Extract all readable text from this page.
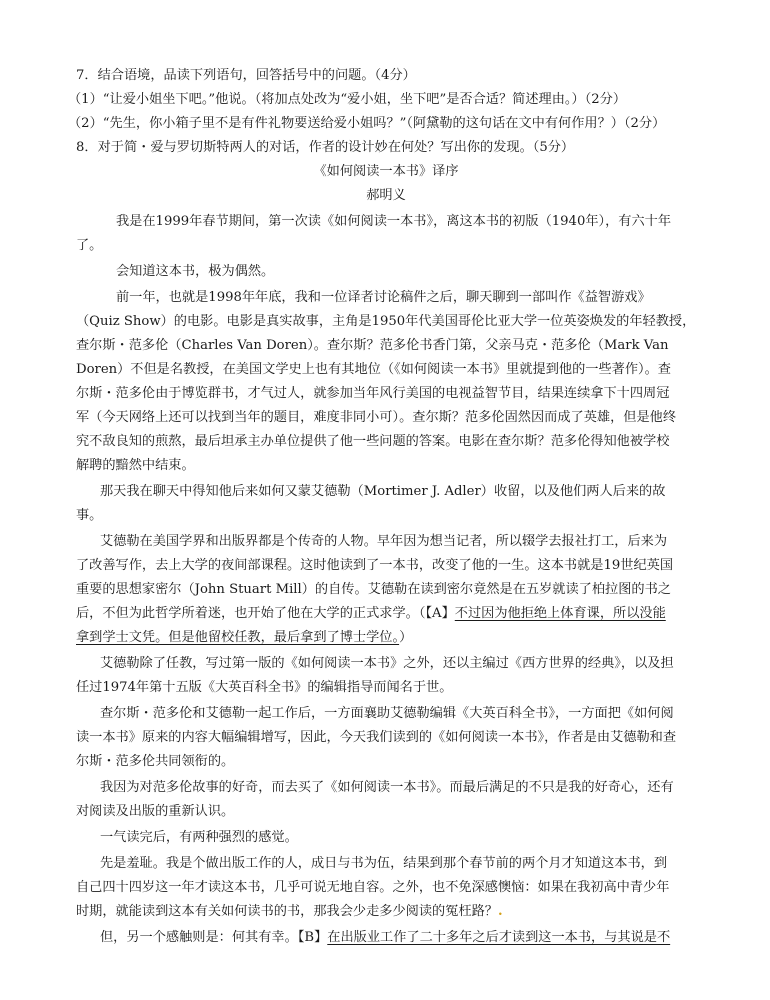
7．结合语境，品读下列语句，回答括号中的问题。（4分）
（1）“让爱小姐坐下吧。”他说。（将加点处改为“爱小姐，坐下吧”是否合适？简述理由。）（2分）
（2）“先生，你小箱子里不是有件礼物要送给爱小姐吗？”（阿黛勒的这句话在文中有何作用？）（2分）
8．对于简・爱与罗切斯特两人的对话，作者的设计妙在何处？写出你的发现。（5分）
《如何阅读一本书》译序
郝明义
我是在1999年春节期间，第一次读《如何阅读一本书》，离这本书的初版（1940年），有六十年
了。
会知道这本书，极为偶然。
前一年，也就是1998年年底，我和一位译者讨论稿件之后，聊天聊到一部叫作《益智游戏》
（Quiz Show）的电影。电影是真实故事，主角是1950年代美国哥伦比亚大学一位英姿焕发的年轻教授，
查尔斯・范多伦（Charles Van Doren）。查尔斯？范多伦书香门第，父亲马克・范多伦（Mark Van
Doren）不但是名教授，在美国文学史上也有其地位（《如何阅读一本书》里就提到他的一些著作）。查
尔斯・范多伦由于博览群书，才气过人，就参加当年风行美国的电视益智节目，结果连续拿下十四周冠
军（今天网络上还可以找到当年的题目，难度非同小可）。查尔斯？范多伦固然因而成了英雄，但是他终
究不敌良知的煎熬，最后坦承主办单位提供了他一些问题的答案。电影在查尔斯？范多伦得知他被学校
解聘的黯然中结束。
那天我在聊天中得知他后来如何又蒙艾德勒（Mortimer J. Adler）收留，以及他们两人后来的故
事。
艾德勒在美国学界和出版界都是个传奇的人物。早年因为想当记者，所以辍学去报社打工，后来为
了改善写作，去上大学的夜间部课程。这时他读到了一本书，改变了他的一生。这本书就是19世纪英国
重要的思想家密尔（John Stuart Mill）的自传。艾德勒在读到密尔竟然是在五岁就读了柏拉图的书之
后，不但为此哲学所着迷，也开始了他在大学的正式求学。（【A】不过因为他拒绝上体育课，所以没能
拿到学士文凭。但是他留校任教，最后拿到了博士学位。）
艾德勒除了任教，写过第一版的《如何阅读一本书》之外，还以主编过《西方世界的经典》，以及担
任过1974年第十五版《大英百科全书》的编辑指导而闻名于世。
查尔斯・范多伦和艾德勒一起工作后，一方面襄助艾德勒编辑《大英百科全书》，一方面把《如何阅
读一本书》原来的内容大幅编辑增写，因此，今天我们读到的《如何阅读一本书》，作者是由艾德勒和查
尔斯・范多伦共同领衔的。
我因为对范多伦故事的好奇，而去买了《如何阅读一本书》。而最后满足的不只是我的好奇心，还有
对阅读及出版的重新认识。
一气读完后，有两种强烈的感觉。
先是羞耻。我是个做出版工作的人，成日与书为伍，结果到那个春节前的两个月才知道这本书，到
自己四十四岁这一年才读这本书，几乎可说无地自容。之外，也不免深感懊恼：如果在我初高中青少年
时期，就能读到这本有关如何读书的书，那我会少走多少阅读的冤枉路？.
但，另一个感触则是：何其有幸。【B】在出版业工作了二十多年之后才读到这一本书，与其说是不
